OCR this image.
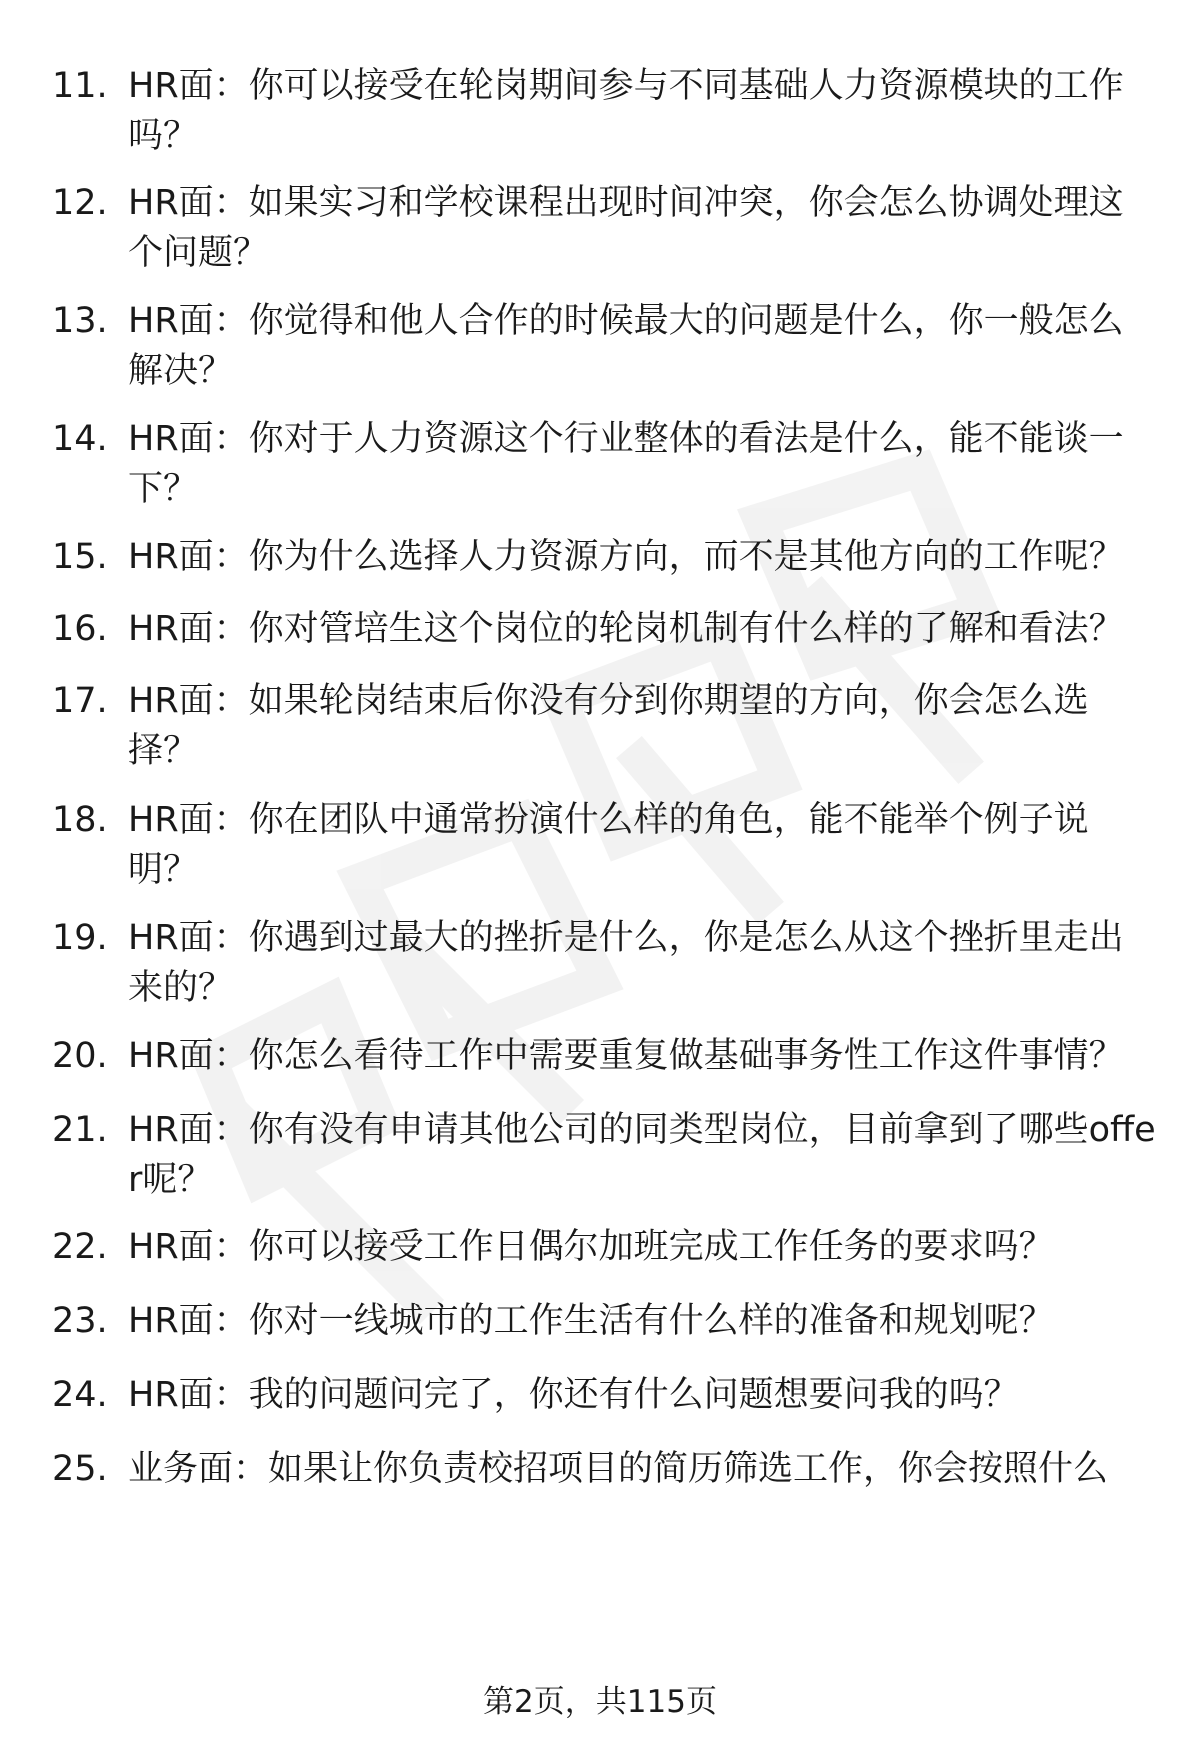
11. HR面：你可以接受在轮岗期间参与不同基础人力资源模块的工作吗？
12. HR面：如果实习和学校课程出现时间冲突，你会怎么协调处理这个问题？
13. HR面：你觉得和他人合作的时候最大的问题是什么，你一般怎么解决？
14. HR面：你对于人力资源这个行业整体的看法是什么，能不能谈一下？
15. HR面：你为什么选择人力资源方向，而不是其他方向的工作呢？
16. HR面：你对管培生这个岗位的轮岗机制有什么样的了解和看法？
17. HR面：如果轮岗结束后你没有分到你期望的方向，你会怎么选择？
18. HR面：你在团队中通常扮演什么样的角色，能不能举个例子说明？
19. HR面：你遇到过最大的挫折是什么，你是怎么从这个挫折里走出来的？
20. HR面：你怎么看待工作中需要重复做基础事务性工作这件事情？
21. HR面：你有没有申请其他公司的同类型岗位，目前拿到了哪些offer呢？
22. HR面：你可以接受工作日偶尔加班完成工作任务的要求吗？
23. HR面：你对一线城市的工作生活有什么样的准备和规划呢？
24. HR面：我的问题问完了，你还有什么问题想要问我的吗？
25. 业务面：如果让你负责校招项目的简历筛选工作，你会按照什么
第2页，共115页
